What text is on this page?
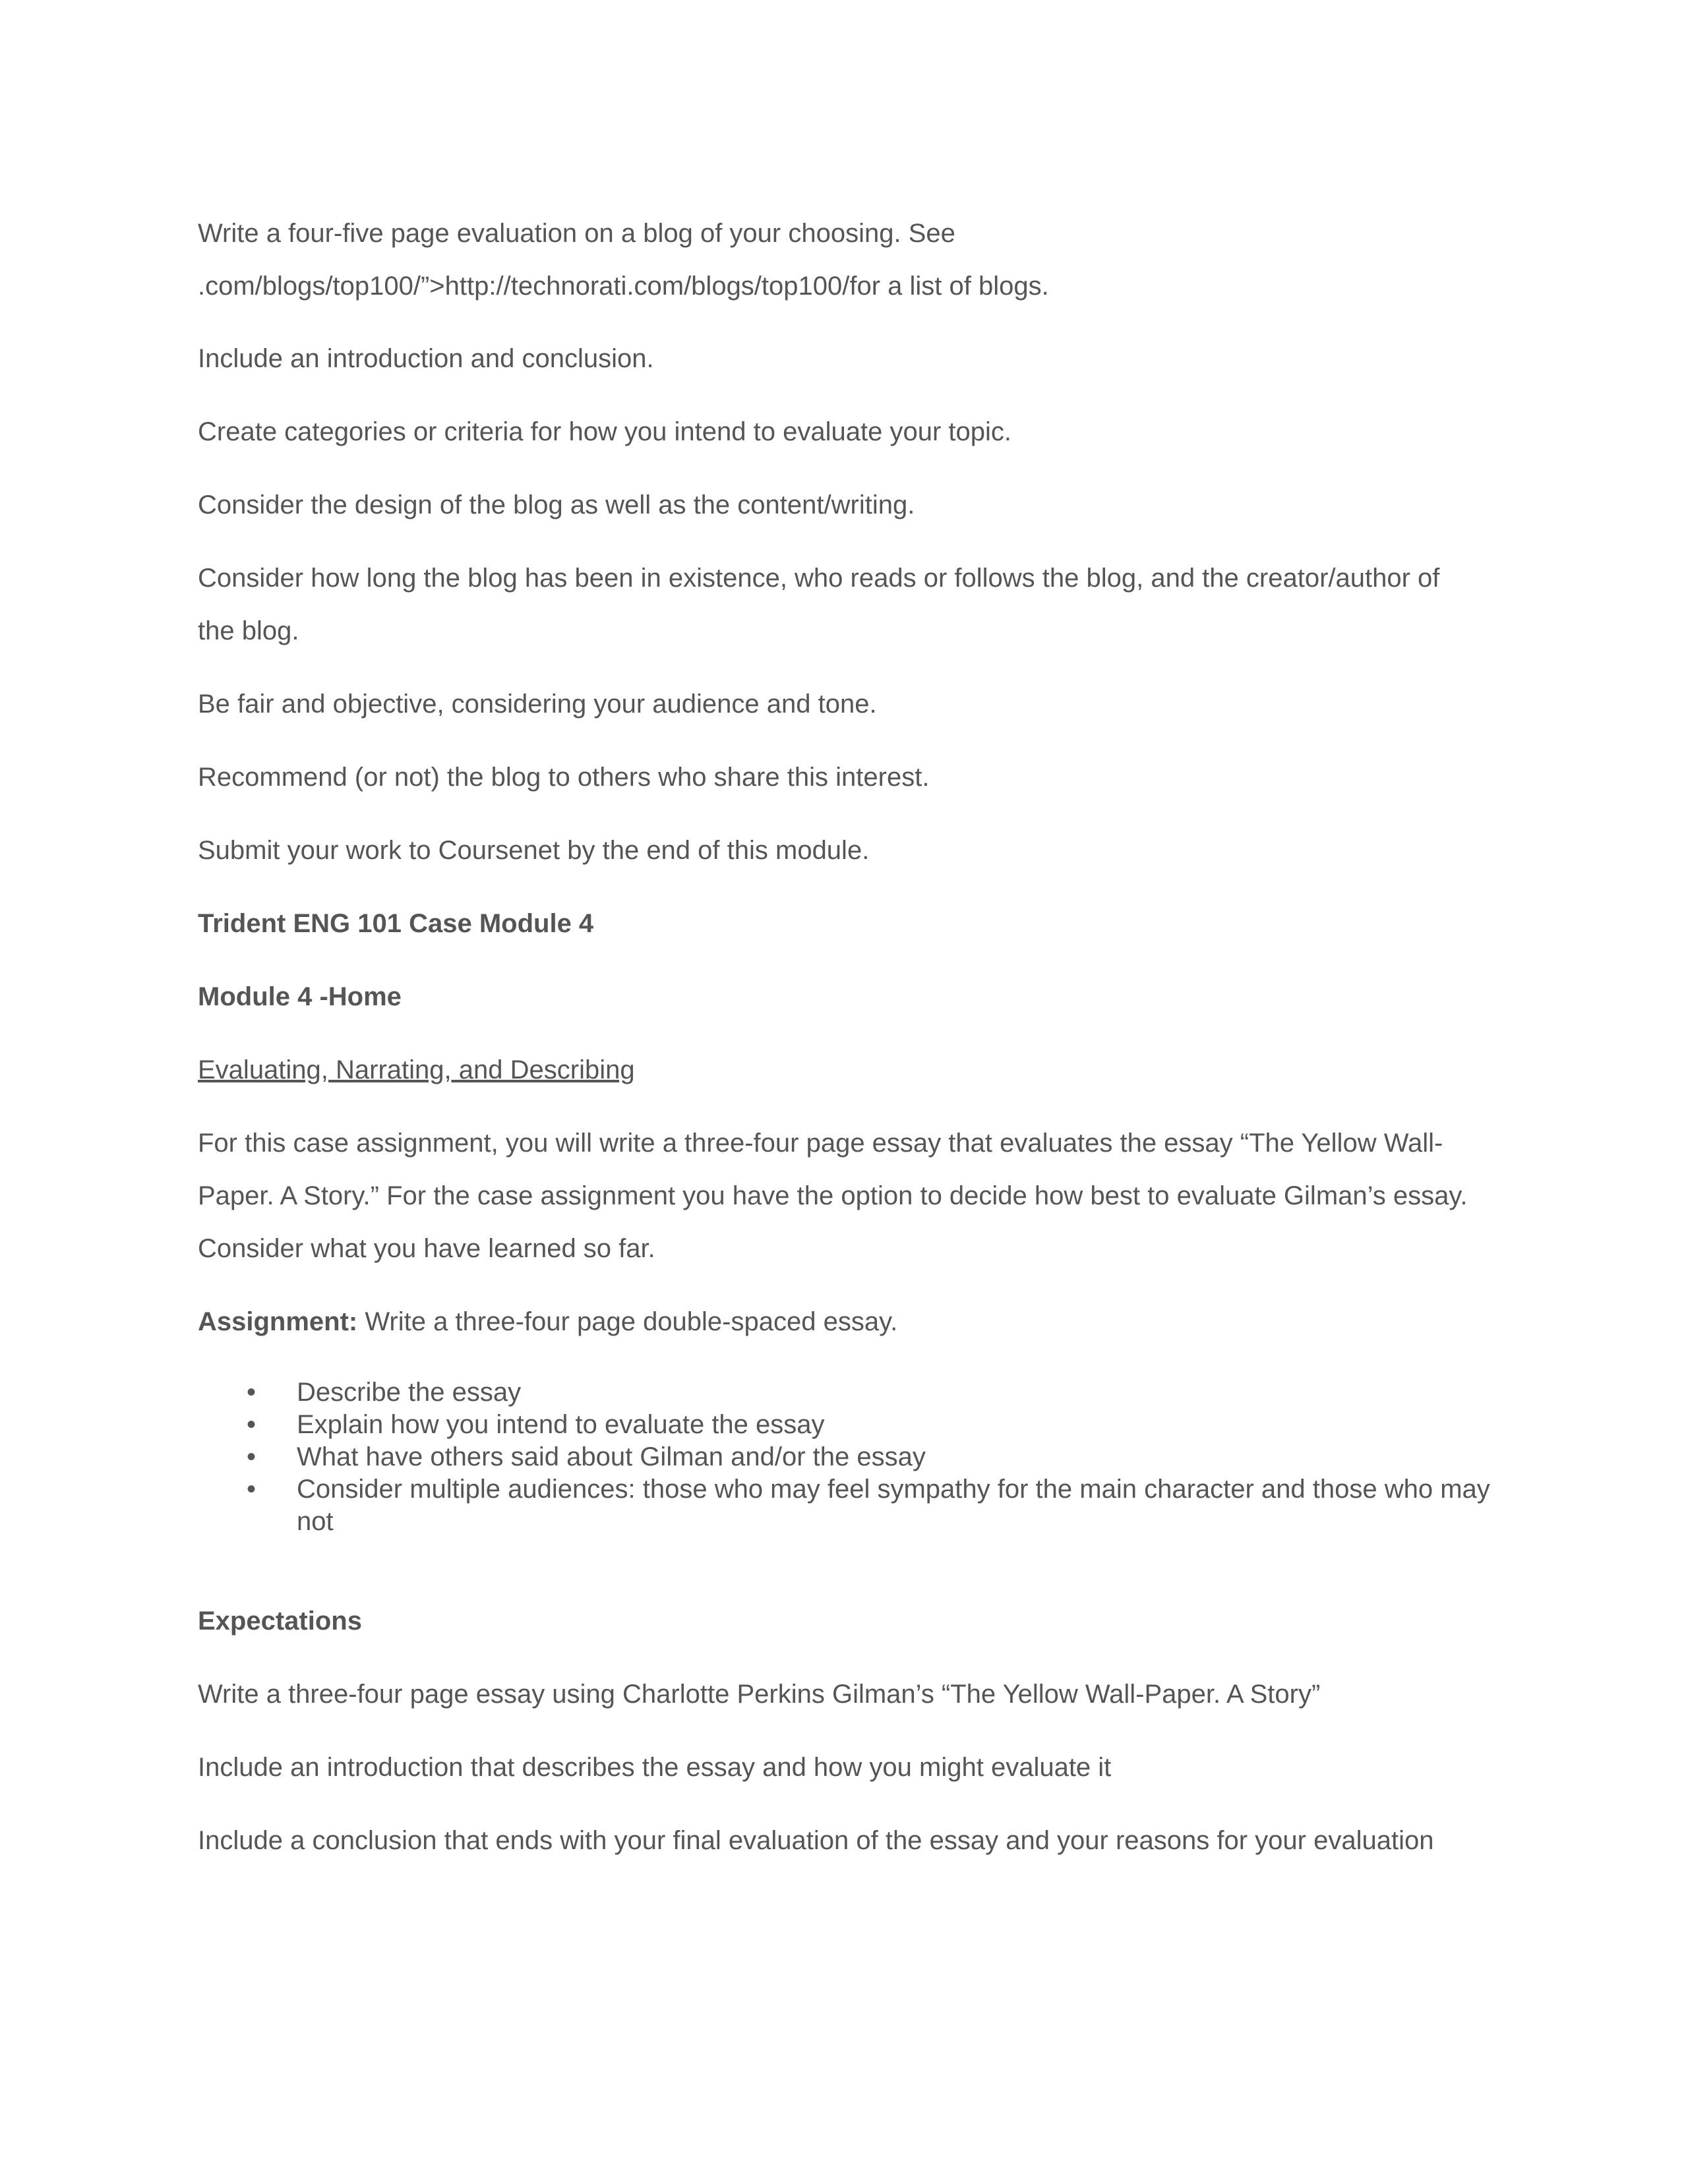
Write a four-five page evaluation on a blog of your choosing. See

.com/blogs/top100/”>http://technorati.com/blogs/top100/for a list of blogs.

Include an introduction and conclusion.

Create categories or criteria for how you intend to evaluate your topic.

Consider the design of the blog as well as the content/writing.

Consider how long the blog has been in existence, who reads or follows the blog, and the creator/author of the blog.

Be fair and objective, considering your audience and tone.

Recommend (or not) the blog to others who share this interest.

Submit your work to Coursenet by the end of this module.

Trident ENG 101 Case Module 4

Module 4 -Home

Evaluating, Narrating, and Describing

For this case assignment, you will write a three-four page essay that evaluates the essay “The Yellow Wall-Paper. A Story.” For the case assignment you have the option to decide how best to evaluate Gilman’s essay. Consider what you have learned so far.

Assignment: Write a three-four page double-spaced essay.

• Describe the essay
• Explain how you intend to evaluate the essay
• What have others said about Gilman and/or the essay
• Consider multiple audiences: those who may feel sympathy for the main character and those who may not

Expectations

Write a three-four page essay using Charlotte Perkins Gilman’s “The Yellow Wall-Paper. A Story”

Include an introduction that describes the essay and how you might evaluate it

Include a conclusion that ends with your final evaluation of the essay and your reasons for your evaluation
